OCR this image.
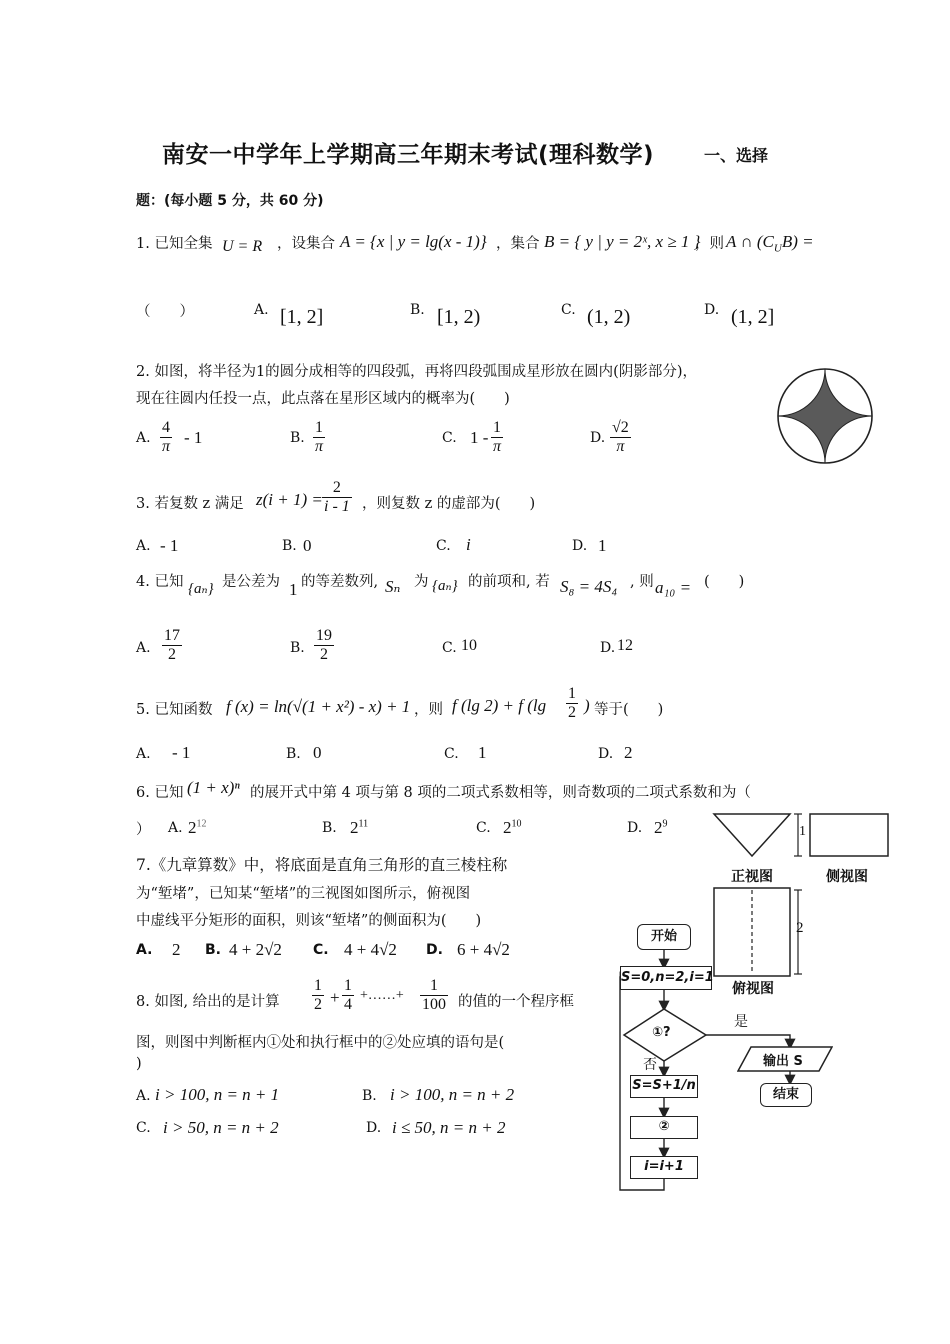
南安一中学年上学期高三年期末考试(理科数学)	一、选择
题：(每小题 5 分，共 60 分)
1. 已知全集 U = R ，设集合 A = {x | y = lg(x - 1)} ，集合 B = { y | y = 2ˣ, x ≥ 1 }
，则 A ∩ $(C_UB)$ =
（　　）	A. [1, 2]	B. [1, 2)	C. (1, 2)	D. (1, 2]
2. 如图，将半径为1的圆分成相等的四段弧，再将四段弧围成星形放在圆内(阴影部分)，
现在往圆内任投一点，此点落在星形区域内的概率为(　　)
A. $\frac{4}{\pi} - 1$	B. $\frac{1}{\pi}$	C. $1 - \frac{1}{\pi}$	D. $\frac{√2}{\pi}$
3. 若复数 z 满足 $z(i + 1) = \frac{2}{i - 1}$ ，则复数 z 的虚部为(　　)
A. - 1	B. 0	C. i	D. 1
4. 已知 {aₙ} 是公差为 1 的等差数列, Sₙ 为 {aₙ} 的前项和, 若 S₈ = 4S₄ , 则 a₁₀ = (　　)
A. $\frac{17}{2}$	B. $\frac{19}{2}$	C. 10	D. 12
5. 已知函数 f (x) = ln(√(1 + x²) - x) + 1 ，则 f (lg 2) + f ($\lg \frac{1}{2}$ ) 等于(　　)
A. - 1	B. 0	C. 1	D. 2
6. 已知 (1 + x)ⁿ 的展开式中第 4 项与第 8 项的二项式系数相等，则奇数项的二项式系数和为（
） A. $2^{12}$	B. $2^{11}$	C. $2^{10}$	D. $2^9$
正视图	侧视图
俯视图
1
2
7.《九章算数》中，将底面是直角三角形的直三棱柱称
为“堑堵”，已知某“堑堵”的三视图如图所示，俯视图
中虚线平分矩形的面积，则该“堑堵”的侧面积为(　　)
A. 2 B. 4 + 2√2 C. 4 + 4√2 D. 6 + 4√2
8. 如图, 给出的是计算 $\frac{1}{2} + \frac{1}{4}$ +……+ $\frac{1}{100}$ 的值的一个程序框
图，则图中判断框内①处和执行框中的②处应填的语句是(
)
A. i > 100, n = n + 1	B. i > 100, n = n + 2
C. i > 50, n = n + 2	D. i ≤ 50, n = n + 2
开始
S=0,n=2,i=1
①?
是
否	输出 S
结束
S=S+1/n
②
i=i+1
